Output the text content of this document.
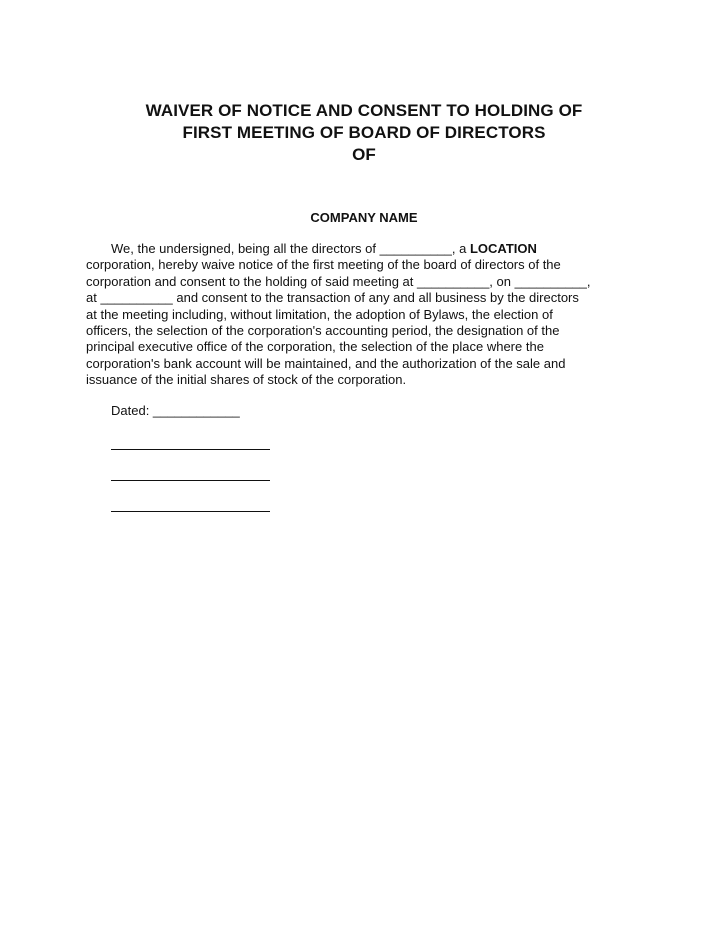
WAIVER OF NOTICE AND CONSENT TO HOLDING OF
FIRST MEETING OF BOARD OF DIRECTORS
OF
COMPANY NAME
We, the undersigned, being all the directors of __________, a LOCATION
corporation, hereby waive notice of the first meeting of the board of directors of the
corporation and consent to the holding of said meeting at __________, on __________,
at __________ and consent to the transaction of any and all business by the directors
at the meeting including, without limitation, the adoption of Bylaws, the election of
officers, the selection of the corporation's accounting period, the designation of the
principal executive office of the corporation, the selection of the place where the
corporation's bank account will be maintained, and the authorization of the sale and
issuance of the initial shares of stock of the corporation.
Dated: ____________
